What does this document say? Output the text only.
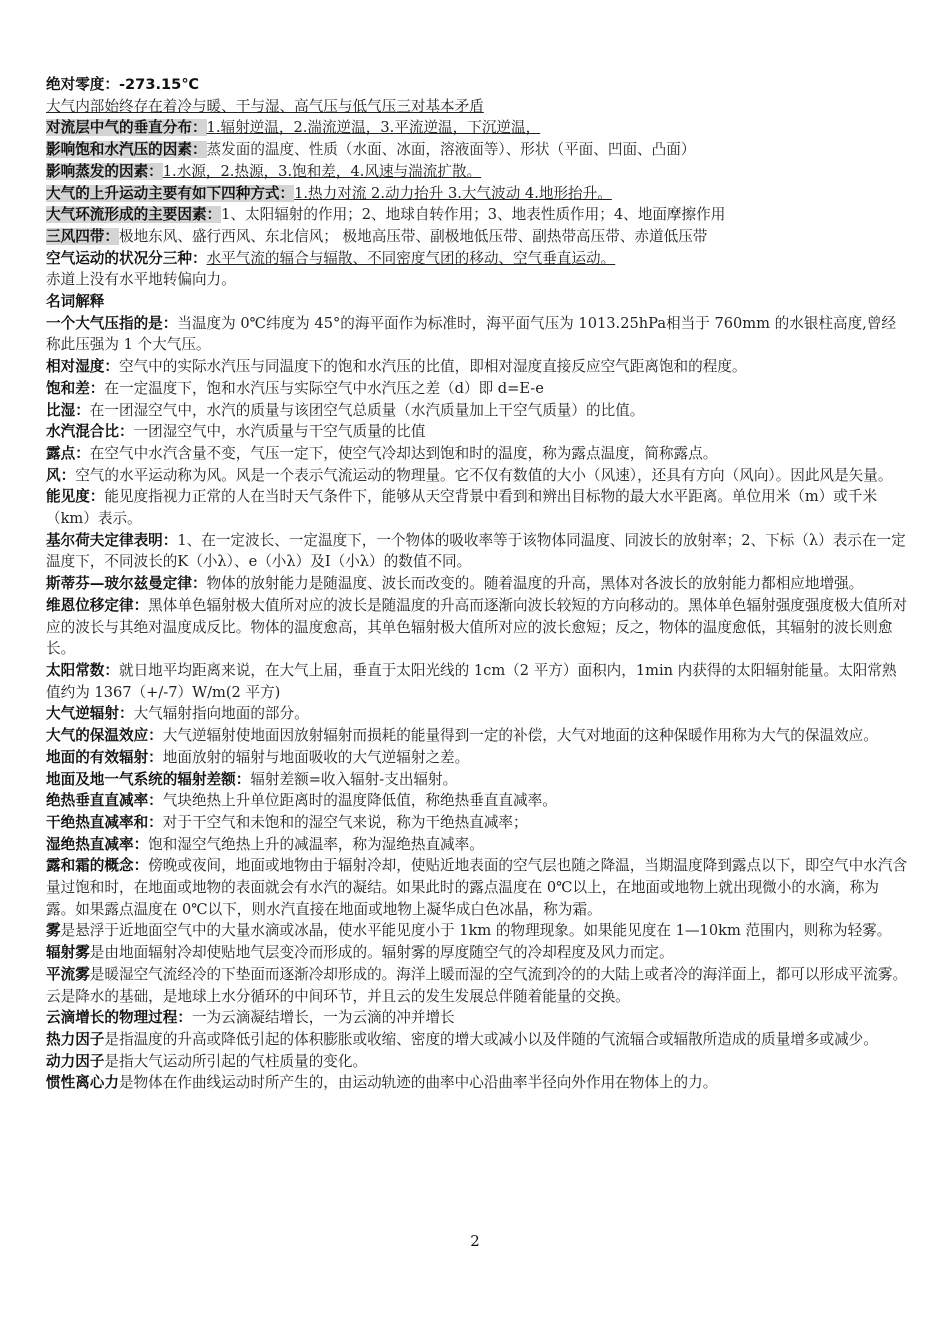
绝对零度：-273.15℃

大气内部始终存在着冷与暖、干与湿、高气压与低气压三对基本矛盾

对流层中气的垂直分布：1.辐射逆温，2.湍流逆温，3.平流逆温，下沉逆温，

影响饱和水汽压的因素：蒸发面的温度、性质（水面、冰面，溶液面等）、形状（平面、凹面、凸面）

影响蒸发的因素：1.水源，2.热源，3.饱和差，4.风速与湍流扩散。

大气的上升运动主要有如下四种方式：1.热力对流 2.动力抬升 3.大气波动 4.地形抬升。

大气环流形成的主要因素：1、太阳辐射的作用；2、地球自转作用；3、地表性质作用；4、地面摩擦作用

三风四带：极地东风、盛行西风、东北信风； 极地高压带、副极地低压带、副热带高压带、赤道低压带

空气运动的状况分三种：水平气流的辐合与辐散、不同密度气团的移动、空气垂直运动。

赤道上没有水平地转偏向力。

名词解释

一个大气压指的是：当温度为 0℃纬度为 45°的海平面作为标准时，海平面气压为 1013.25hPa相当于 760mm 的水银柱高度,曾经称此压强为 1 个大气压。

相对湿度：空气中的实际水汽压与同温度下的饱和水汽压的比值，即相对湿度直接反应空气距离饱和的程度。

饱和差：在一定温度下，饱和水汽压与实际空气中水汽压之差（d）即 d=E-e

比湿：在一团湿空气中，水汽的质量与该团空气总质量（水汽质量加上干空气质量）的比值。

水汽混合比：一团湿空气中，水汽质量与干空气质量的比值

露点：在空气中水汽含量不变，气压一定下，使空气冷却达到饱和时的温度，称为露点温度，简称露点。

风：空气的水平运动称为风。风是一个表示气流运动的物理量。它不仅有数值的大小（风速），还具有方向（风向）。因此风是矢量。

能见度：能见度指视力正常的人在当时天气条件下，能够从天空背景中看到和辨出目标物的最大水平距离。单位用米（m）或千米（km）表示。

基尔荷夫定律表明：1、在一定波长、一定温度下，一个物体的吸收率等于该物体同温度、同波长的放射率；2、下标（λ）表示在一定温度下，不同波长的K（小λ）、e（小λ）及I（小λ）的数值不同。

斯蒂芬—玻尔兹曼定律：物体的放射能力是随温度、波长而改变的。随着温度的升高，黑体对各波长的放射能力都相应地增强。

维恩位移定律：黑体单色辐射极大值所对应的波长是随温度的升高而逐渐向波长较短的方向移动的。黑体单色辐射强度强度极大值所对应的波长与其绝对温度成反比。物体的温度愈高，其单色辐射极大值所对应的波长愈短；反之，物体的温度愈低，其辐射的波长则愈长。

太阳常数：就日地平均距离来说，在大气上届，垂直于太阳光线的 1cm（2 平方）面积内，1min 内获得的太阳辐射能量。太阳常熟值约为 1367（+/-7）W/m(2 平方)

大气逆辐射：大气辐射指向地面的部分。

大气的保温效应：大气逆辐射使地面因放射辐射而损耗的能量得到一定的补偿，大气对地面的这种保暖作用称为大气的保温效应。

地面的有效辐射：地面放射的辐射与地面吸收的大气逆辐射之差。

地面及地一气系统的辐射差额：辐射差额=收入辐射-支出辐射。

绝热垂直直减率：气块绝热上升单位距离时的温度降低值，称绝热垂直直减率。

干绝热直减率和：对于干空气和未饱和的湿空气来说，称为干绝热直减率；

湿绝热直减率：饱和湿空气绝热上升的减温率，称为湿绝热直减率。

露和霜的概念：傍晚或夜间，地面或地物由于辐射冷却，使贴近地表面的空气层也随之降温，当期温度降到露点以下，即空气中水汽含量过饱和时，在地面或地物的表面就会有水汽的凝结。如果此时的露点温度在 0℃以上，在地面或地物上就出现微小的水滴，称为露。如果露点温度在 0℃以下，则水汽直接在地面或地物上凝华成白色冰晶，称为霜。

雾是悬浮于近地面空气中的大量水滴或冰晶，使水平能见度小于 1km 的物理现象。如果能见度在 1—10km 范围内，则称为轻雾。

辐射雾是由地面辐射冷却使贴地气层变冷而形成的。辐射雾的厚度随空气的冷却程度及风力而定。

平流雾是暖湿空气流经冷的下垫面而逐渐冷却形成的。海洋上暖而湿的空气流到冷的的大陆上或者冷的海洋面上，都可以形成平流雾。

云是降水的基础，是地球上水分循环的中间环节，并且云的发生发展总伴随着能量的交换。

云滴增长的物理过程：一为云滴凝结增长，一为云滴的冲并增长

热力因子是指温度的升高或降低引起的体积膨胀或收缩、密度的增大或减小以及伴随的气流辐合或辐散所造成的质量增多或减少。

动力因子是指大气运动所引起的气柱质量的变化。

惯性离心力是物体在作曲线运动时所产生的，由运动轨迹的曲率中心沿曲率半径向外作用在物体上的力。

2
